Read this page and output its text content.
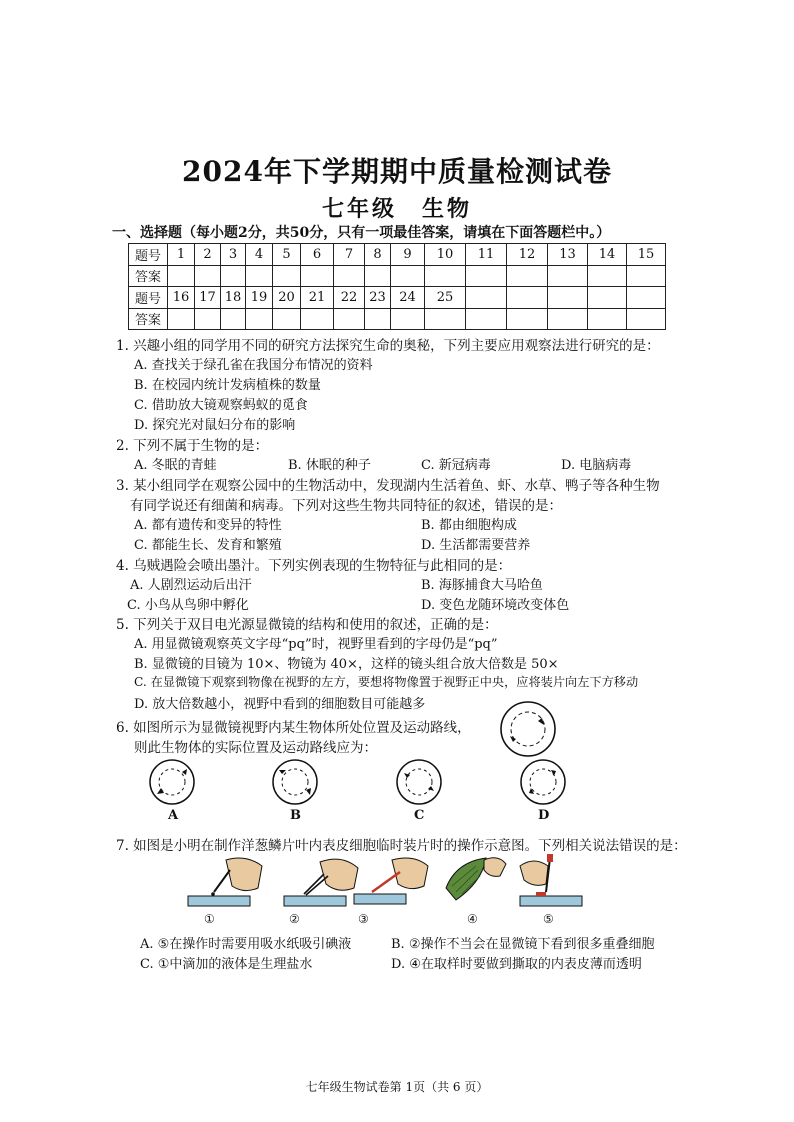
2024年下学期期中质量检测试卷
七年级　生物
一、选择题（每小题2分，共50分，只有一项最佳答案，请填在下面答题栏中。）
题号	1	2	3	4	5	6	7	8	9	10	11	12	13	14	15
答案															
题号	16	17	18	19	20	21	22	23	24	25					
答案															
1. 兴趣小组的同学用不同的研究方法探究生命的奥秘，下列主要应用观察法进行研究的是：
A. 查找关于绿孔雀在我国分布情况的资料
B. 在校园内统计发病植株的数量
C. 借助放大镜观察蚂蚁的觅食
D. 探究光对鼠妇分布的影响
2. 下列不属于生物的是：
A. 冬眠的青蛙	B. 休眠的种子	C. 新冠病毒	D. 电脑病毒
3. 某小组同学在观察公园中的生物活动中，发现湖内生活着鱼、虾、水草、鸭子等各种生物
有同学说还有细菌和病毒。下列对这些生物共同特征的叙述，错误的是：
A. 都有遗传和变异的特性	B. 都由细胞构成
C. 都能生长、发育和繁殖	D. 生活都需要营养
4. 乌贼遇险会喷出墨汁。下列实例表现的生物特征与此相同的是：
A. 人剧烈运动后出汗	B. 海豚捕食大马哈鱼
C. 小鸟从鸟卵中孵化	D. 变色龙随环境改变体色
5. 下列关于双目电光源显微镜的结构和使用的叙述，正确的是：
A. 用显微镜观察英文字母“pq”时，视野里看到的字母仍是“pq”
B. 显微镜的目镜为 10×、物镜为 40×，这样的镜头组合放大倍数是 50×
C. 在显微镜下观察到物像在视野的左方，要想将物像置于视野正中央，应将装片向左下方移动
D. 放大倍数越小，视野中看到的细胞数目可能越多
6. 如图所示为显微镜视野内某生物体所处位置及运动路线，
则此生物体的实际位置及运动路线应为：
A	B	C	D
7. 如图是小明在制作洋葱鳞片叶内表皮细胞临时装片时的操作示意图。下列相关说法错误的是：
①	②	③	④	⑤
A. ⑤在操作时需要用吸水纸吸引碘液	B. ②操作不当会在显微镜下看到很多重叠细胞
C. ①中滴加的液体是生理盐水	D. ④在取样时要做到撕取的内表皮薄而透明
七年级生物试卷第 1页（共 6 页）
